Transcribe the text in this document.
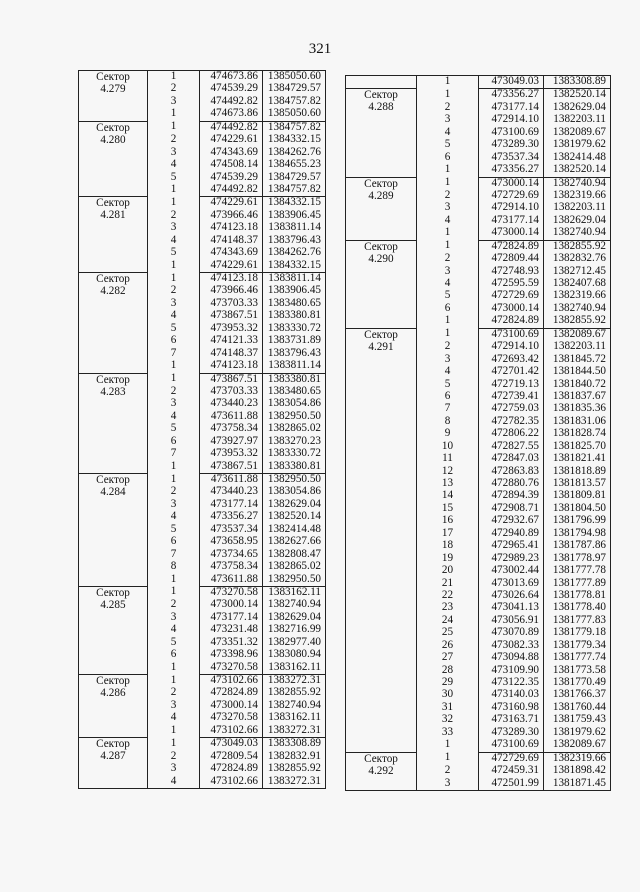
321
Сектор
4.279	1	474673.86	1385050.60
	2	474539.29	1384729.57
	3	474492.82	1384757.82
	1	474673.86	1385050.60

Сектор
4.280	1	474492.82	1384757.82
	2	474229.61	1384332.15
	3	474343.69	1384262.76
	4	474508.14	1384655.23
	5	474539.29	1384729.57
	1	474492.82	1384757.82

Сектор
4.281	1	474229.61	1384332.15
	2	473966.46	1383906.45
	3	474123.18	1383811.14
	4	474148.37	1383796.43
	5	474343.69	1384262.76
	1	474229.61	1384332.15

Сектор
4.282	1	474123.18	1383811.14
	2	473966.46	1383906.45
	3	473703.33	1383480.65
	4	473867.51	1383380.81
	5	473953.32	1383330.72
	6	474121.33	1383731.89
	7	474148.37	1383796.43
	1	474123.18	1383811.14

Сектор
4.283	1	473867.51	1383380.81
	2	473703.33	1383480.65
	3	473440.23	1383054.86
	4	473611.88	1382950.50
	5	473758.34	1382865.02
	6	473927.97	1383270.23
	7	473953.32	1383330.72
	1	473867.51	1383380.81

Сектор
4.284	1	473611.88	1382950.50
	2	473440.23	1383054.86
	3	473177.14	1382629.04
	4	473356.27	1382520.14
	5	473537.34	1382414.48
	6	473658.95	1382627.66
	7	473734.65	1382808.47
	8	473758.34	1382865.02
	1	473611.88	1382950.50

Сектор
4.285	1	473270.58	1383162.11
	2	473000.14	1382740.94
	3	473177.14	1382629.04
	4	473231.48	1382716.99
	5	473351.32	1382977.40
	6	473398.96	1383080.94
	1	473270.58	1383162.11

Сектор
4.286	1	473102.66	1383272.31
	2	472824.89	1382855.92
	3	473000.14	1382740.94
	4	473270.58	1383162.11
	1	473102.66	1383272.31

Сектор
4.287	1	473049.03	1383308.89
	2	472809.54	1382832.91
	3	472824.89	1382855.92
	4	473102.66	1383272.31
	1	473049.03	1383308.89

Сектор
4.288	1	473356.27	1382520.14
	2	473177.14	1382629.04
	3	472914.10	1382203.11
	4	473100.69	1382089.67
	5	473289.30	1381979.62
	6	473537.34	1382414.48
	1	473356.27	1382520.14

Сектор
4.289	1	473000.14	1382740.94
	2	472729.69	1382319.66
	3	472914.10	1382203.11
	4	473177.14	1382629.04
	1	473000.14	1382740.94

Сектор
4.290	1	472824.89	1382855.92
	2	472809.44	1382832.76
	3	472748.93	1382712.45
	4	472595.59	1382407.68
	5	472729.69	1382319.66
	6	473000.14	1382740.94
	1	472824.89	1382855.92

Сектор
4.291	1	473100.69	1382089.67
	2	472914.10	1382203.11
	3	472693.42	1381845.72
	4	472701.42	1381844.50
	5	472719.13	1381840.72
	6	472739.41	1381837.67
	7	472759.03	1381835.36
	8	472782.35	1381831.06
	9	472806.22	1381828.74
	10	472827.55	1381825.70
	11	472847.03	1381821.41
	12	472863.83	1381818.89
	13	472880.76	1381813.57
	14	472894.39	1381809.81
	15	472908.71	1381804.50
	16	472932.67	1381796.99
	17	472940.89	1381794.98
	18	472965.41	1381787.86
	19	472989.23	1381778.97
	20	473002.44	1381777.78
	21	473013.69	1381777.89
	22	473026.64	1381778.81
	23	473041.13	1381778.40
	24	473056.91	1381777.83
	25	473070.89	1381779.18
	26	473082.33	1381779.34
	27	473094.88	1381777.74
	28	473109.90	1381773.58
	29	473122.35	1381770.49
	30	473140.03	1381766.37
	31	473160.98	1381760.44
	32	473163.71	1381759.43
	33	473289.30	1381979.62
	1	473100.69	1382089.67

Сектор
4.292	1	472729.69	1382319.66
	2	472459.31	1381898.42
	3	472501.99	1381871.45
